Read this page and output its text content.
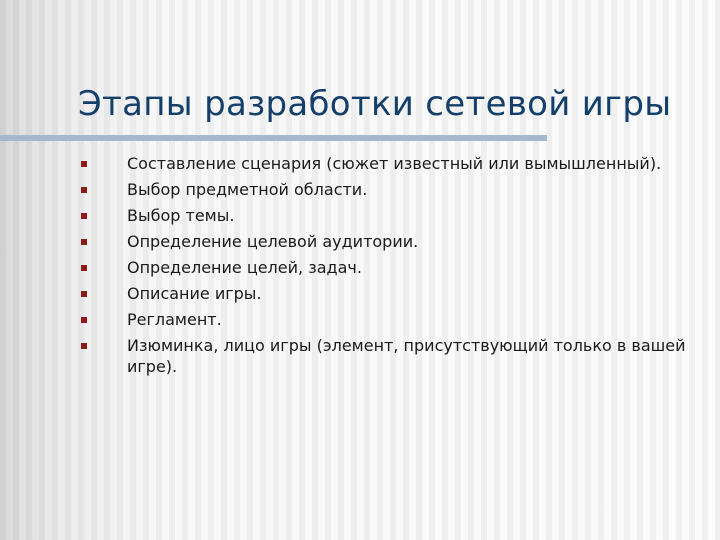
Этапы разработки сетевой игры
Составление сценария (сюжет известный или вымышленный).
Выбор предметной области.
Выбор темы.
Определение целевой аудитории.
Определение целей, задач.
Описание игры.
Регламент.
Изюминка, лицо игры (элемент, присутствующий только в вашей игре).
